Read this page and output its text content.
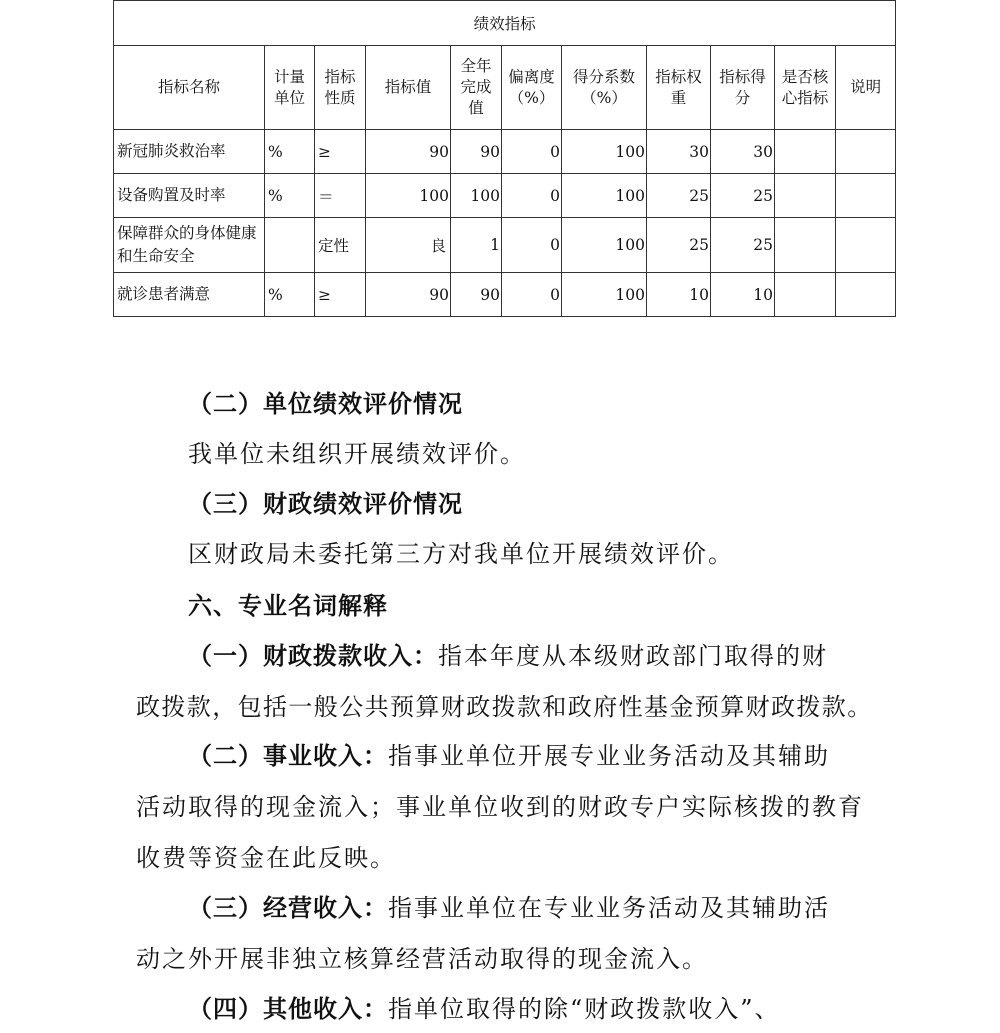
绩效指标										
指标名称	计量单位	指标性质	指标值	全年完成值	偏离度（%）	得分系数（%）	指标权重	指标得分	是否核心指标	说明
新冠肺炎救治率	%	≥	90	90	0	100	30	30		
设备购置及时率	%	＝	100	100	0	100	25	25		
保障群众的身体健康和生命安全		定性	良	1	0	100	25	25		
就诊患者满意	%	≥	90	90	0	100	10	10		
（二）单位绩效评价情况
我单位未组织开展绩效评价。
（三）财政绩效评价情况
区财政局未委托第三方对我单位开展绩效评价。
六、专业名词解释
（一）财政拨款收入：指本年度从本级财政部门取得的财
政拨款，包括一般公共预算财政拨款和政府性基金预算财政拨款。
（二）事业收入：指事业单位开展专业业务活动及其辅助
活动取得的现金流入；事业单位收到的财政专户实际核拨的教育
收费等资金在此反映。
（三）经营收入：指事业单位在专业业务活动及其辅助活
动之外开展非独立核算经营活动取得的现金流入。
（四）其他收入：指单位取得的除“财政拨款收入”、
